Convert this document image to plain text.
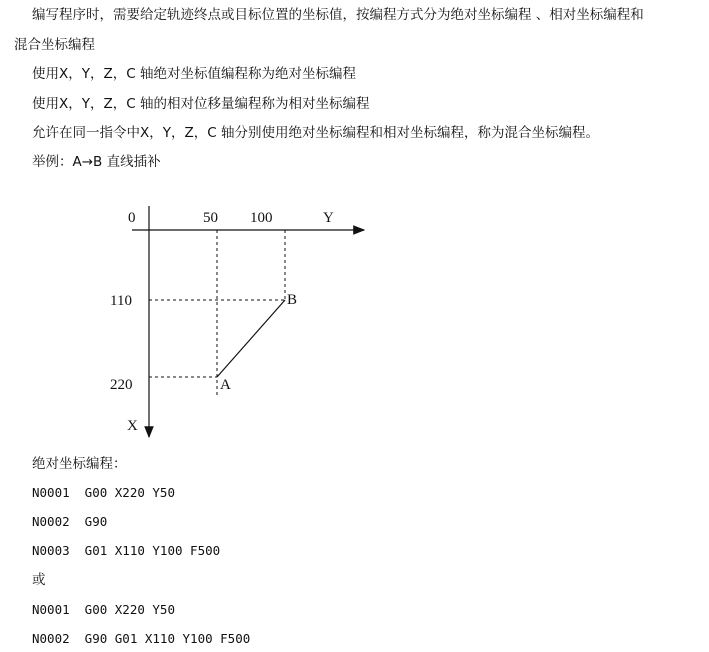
编写程序时，需要给定轨迹终点或目标位置的坐标值，按编程方式分为绝对坐标编程 、相对坐标编程和
混合坐标编程
使用X，Y，Z，C 轴绝对坐标值编程称为绝对坐标编程
使用X，Y，Z，C 轴的相对位移量编程称为相对坐标编程
允许在同一指令中X，Y，Z，C 轴分别使用绝对坐标编程和相对坐标编程，称为混合坐标编程。
举例：A→B 直线插补
0	50 100	Y
110
220
X
B
A
绝对坐标编程：
N0001  G00 X220 Y50
N0002  G90
N0003  G01 X110 Y100 F500
或
N0001  G00 X220 Y50
N0002  G90 G01 X110 Y100 F500
